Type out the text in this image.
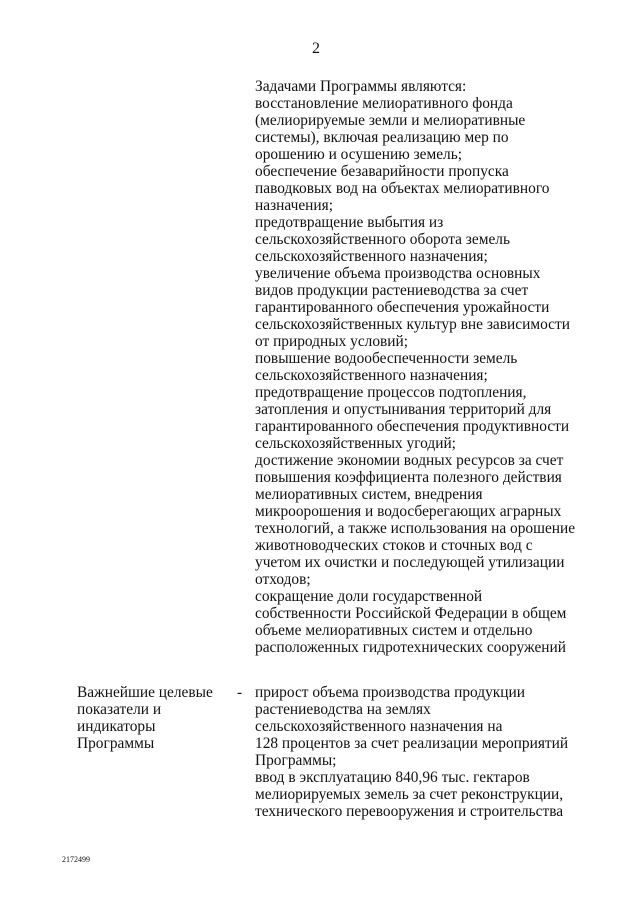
2
Задачами Программы являются:
восстановление мелиоративного фонда
(мелиорируемые земли и мелиоративные
системы), включая реализацию мер по
орошению и осушению земель;
обеспечение безаварийности пропуска
паводковых вод на объектах мелиоративного
назначения;
предотвращение выбытия из
сельскохозяйственного оборота земель
сельскохозяйственного назначения;
увеличение объема производства основных
видов продукции растениеводства за счет
гарантированного обеспечения урожайности
сельскохозяйственных культур вне зависимости
от природных условий;
повышение водообеспеченности земель
сельскохозяйственного назначения;
предотвращение процессов подтопления,
затопления и опустынивания территорий для
гарантированного обеспечения продуктивности
сельскохозяйственных угодий;
достижение экономии водных ресурсов за счет
повышения коэффициента полезного действия
мелиоративных систем, внедрения
микроорошения и водосберегающих аграрных
технологий, а также использования на орошение
животноводческих стоков и сточных вод с
учетом их очистки и последующей утилизации
отходов;
сокращение доли государственной
собственности Российской Федерации в общем
объеме мелиоративных систем и отдельно
расположенных гидротехнических сооружений
Важнейшие целевые
показатели и
индикаторы
Программы
- прирост объема производства продукции
растениеводства на землях
сельскохозяйственного назначения на
128 процентов за счет реализации мероприятий
Программы;
ввод в эксплуатацию 840,96 тыс. гектаров
мелиорируемых земель за счет реконструкции,
технического перевооружения и строительства
2172499
